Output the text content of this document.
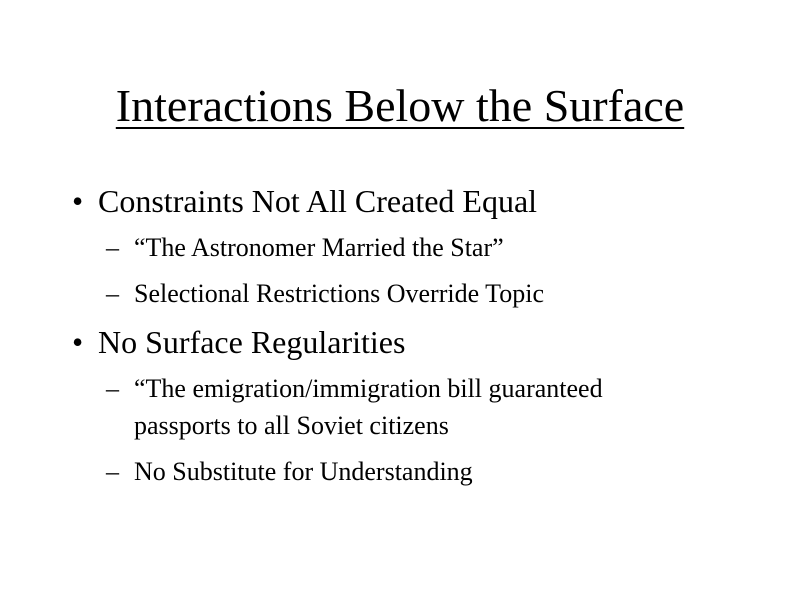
Interactions Below the Surface
• Constraints Not All Created Equal
– “The Astronomer Married the Star”
– Selectional Restrictions Override Topic
• No Surface Regularities
– “The emigration/immigration bill guaranteed
passports to all Soviet citizens
– No Substitute for Understanding
